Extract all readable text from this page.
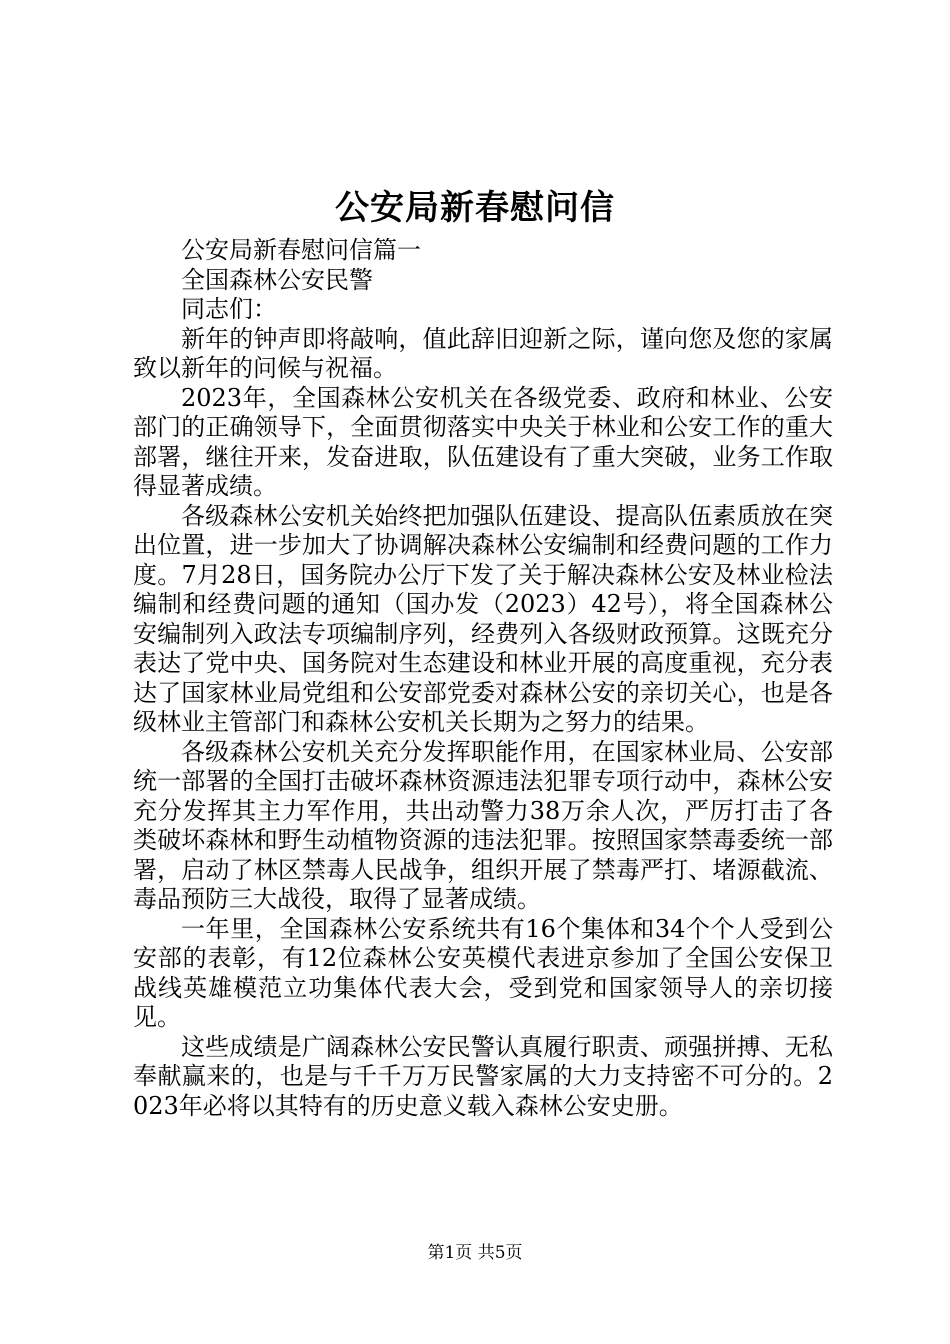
公安局新春慰问信

公安局新春慰问信篇一

全国森林公安民警

同志们：

新年的钟声即将敲响，值此辞旧迎新之际，谨向您及您的家属致以新年的问候与祝福。

2023年，全国森林公安机关在各级党委、政府和林业、公安部门的正确领导下，全面贯彻落实中央关于林业和公安工作的重大部署，继往开来，发奋进取，队伍建设有了重大突破，业务工作取得显著成绩。

各级森林公安机关始终把加强队伍建设、提高队伍素质放在突出位置，进一步加大了协调解决森林公安编制和经费问题的工作力度。7月28日，国务院办公厅下发了关于解决森林公安及林业检法编制和经费问题的通知（国办发（2023）42号），将全国森林公安编制列入政法专项编制序列，经费列入各级财政预算。这既充分表达了党中央、国务院对生态建设和林业开展的高度重视，充分表达了国家林业局党组和公安部党委对森林公安的亲切关心，也是各级林业主管部门和森林公安机关长期为之努力的结果。

各级森林公安机关充分发挥职能作用，在国家林业局、公安部统一部署的全国打击破坏森林资源违法犯罪专项行动中，森林公安充分发挥其主力军作用，共出动警力38万余人次，严厉打击了各类破坏森林和野生动植物资源的违法犯罪。按照国家禁毒委统一部署，启动了林区禁毒人民战争，组织开展了禁毒严打、堵源截流、毒品预防三大战役，取得了显著成绩。

一年里，全国森林公安系统共有16个集体和34个个人受到公安部的表彰，有12位森林公安英模代表进京参加了全国公安保卫战线英雄模范立功集体代表大会，受到党和国家领导人的亲切接见。

这些成绩是广阔森林公安民警认真履行职责、顽强拼搏、无私奉献赢来的，也是与千千万万民警家属的大力支持密不可分的。2023年必将以其特有的历史意义载入森林公安史册。

第1页 共5页
